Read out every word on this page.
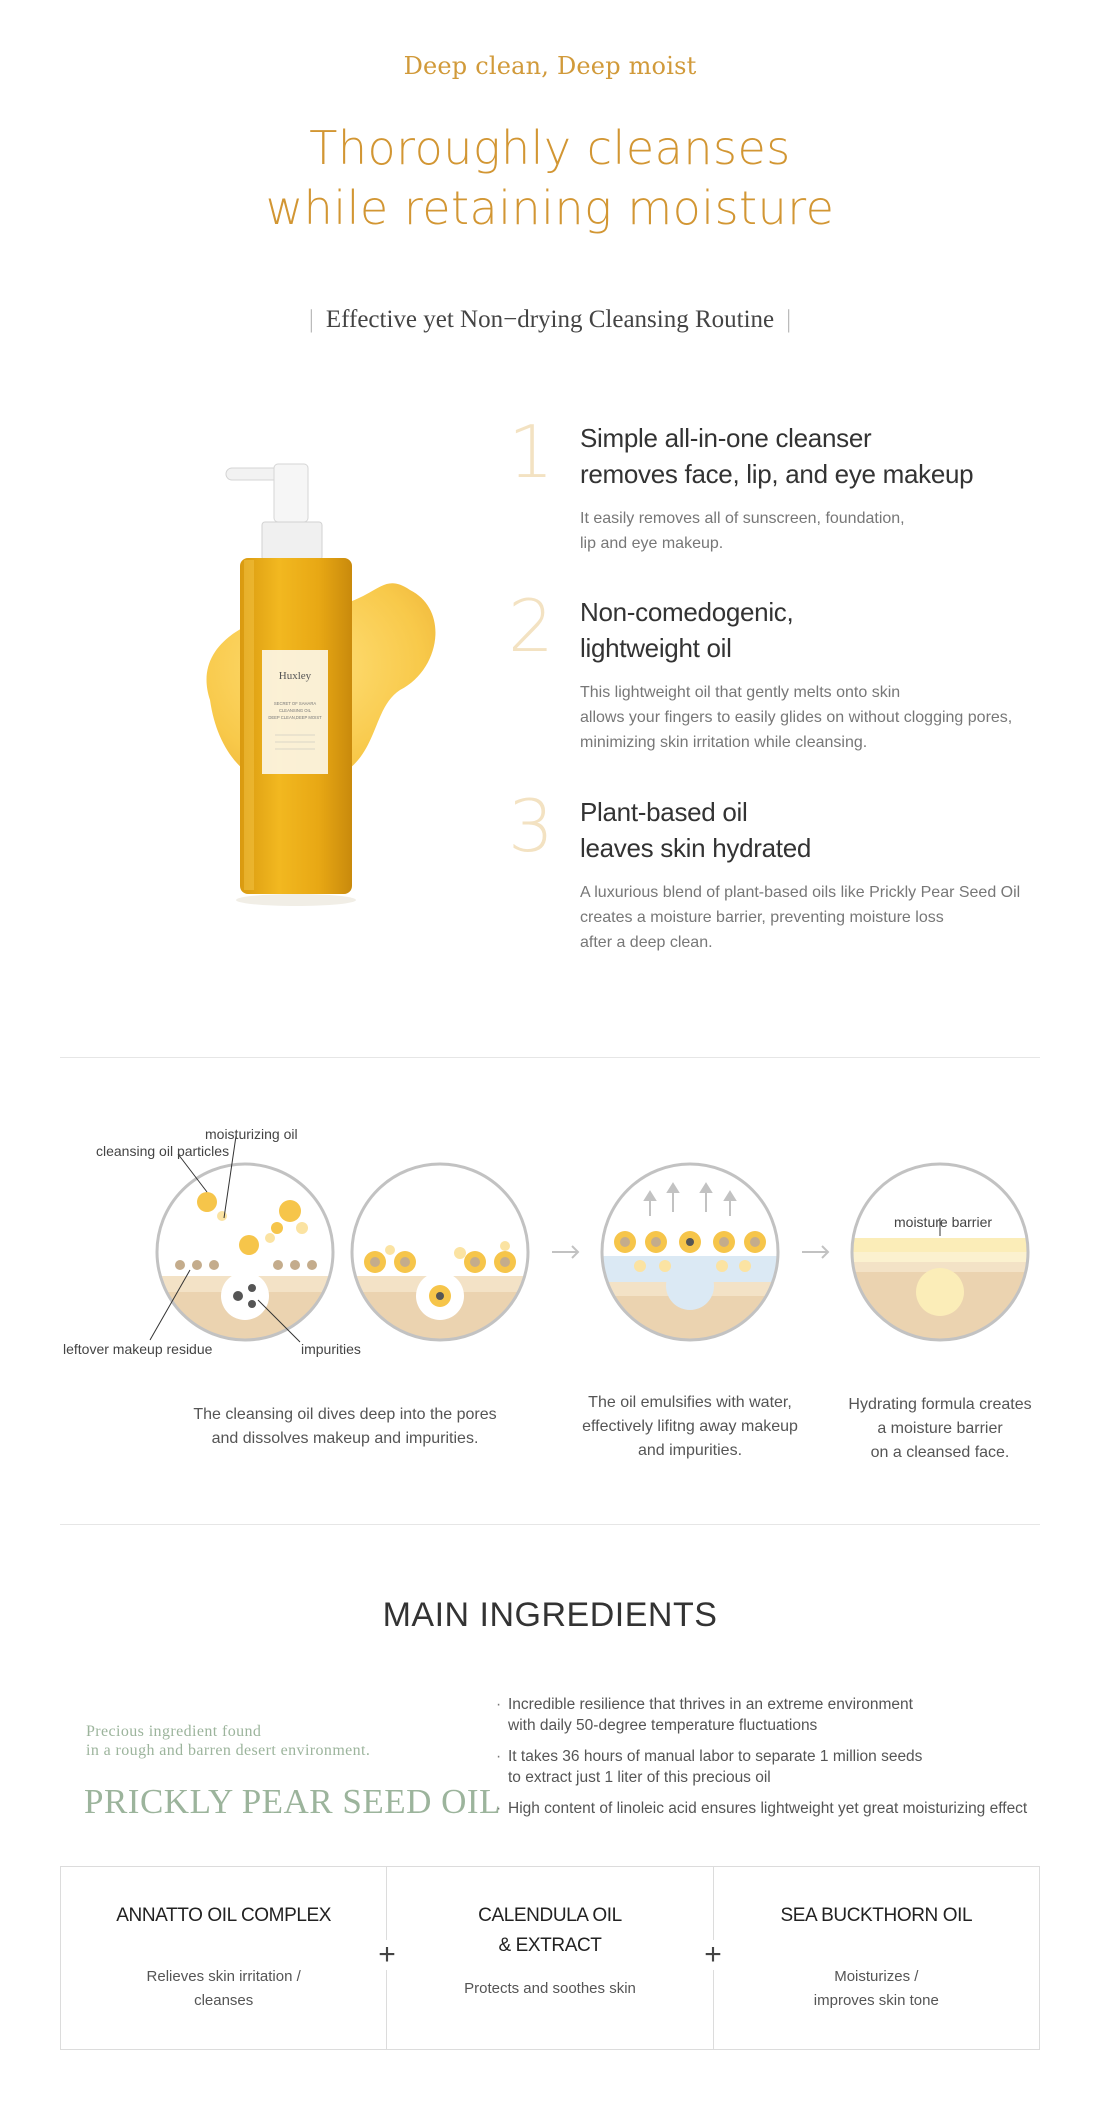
Deep clean, Deep moist
Thoroughly cleanses
while retaining moisture
| Effective yet Non−drying Cleansing Routine |
Huxley
SECRET OF SAHARA
CLEANSING OIL
DEEP CLEAN,DEEP MOIST
1 Simple all-in-one cleanser
removes face, lip, and eye makeup
It easily removes all of sunscreen, foundation,
lip and eye makeup.
2 Non-comedogenic,
lightweight oil
This lightweight oil that gently melts onto skin
allows your fingers to easily glides on without clogging pores,
minimizing skin irritation while cleansing.
3 Plant-based oil
leaves skin hydrated
A luxurious blend of plant-based oils like Prickly Pear Seed Oil
creates a moisture barrier, preventing moisture loss
after a deep clean.
moisturizing oil
cleansing oil particles
leftover makeup residue	impurities
moisture barrier
The cleansing oil dives deep into the pores
and dissolves makeup and impurities.
The oil emulsifies with water,
effectively lifitng away makeup
and impurities.
Hydrating formula creates
a moisture barrier
on a cleansed face.
MAIN INGREDIENTS
Precious ingredient found
in a rough and barren desert environment.
PRICKLY PEAR SEED OIL
· Incredible resilience that thrives in an extreme environment
with daily 50-degree temperature fluctuations
· It takes 36 hours of manual labor to separate 1 million seeds
to extract just 1 liter of this precious oil
· High content of linoleic acid ensures lightweight yet great moisturizing effect
ANNATTO OIL COMPLEX
Relieves skin irritation /
cleanses
CALENDULA OIL
& EXTRACT
Protects and soothes skin
SEA BUCKTHORN OIL
Moisturizes /
improves skin tone
+	+
